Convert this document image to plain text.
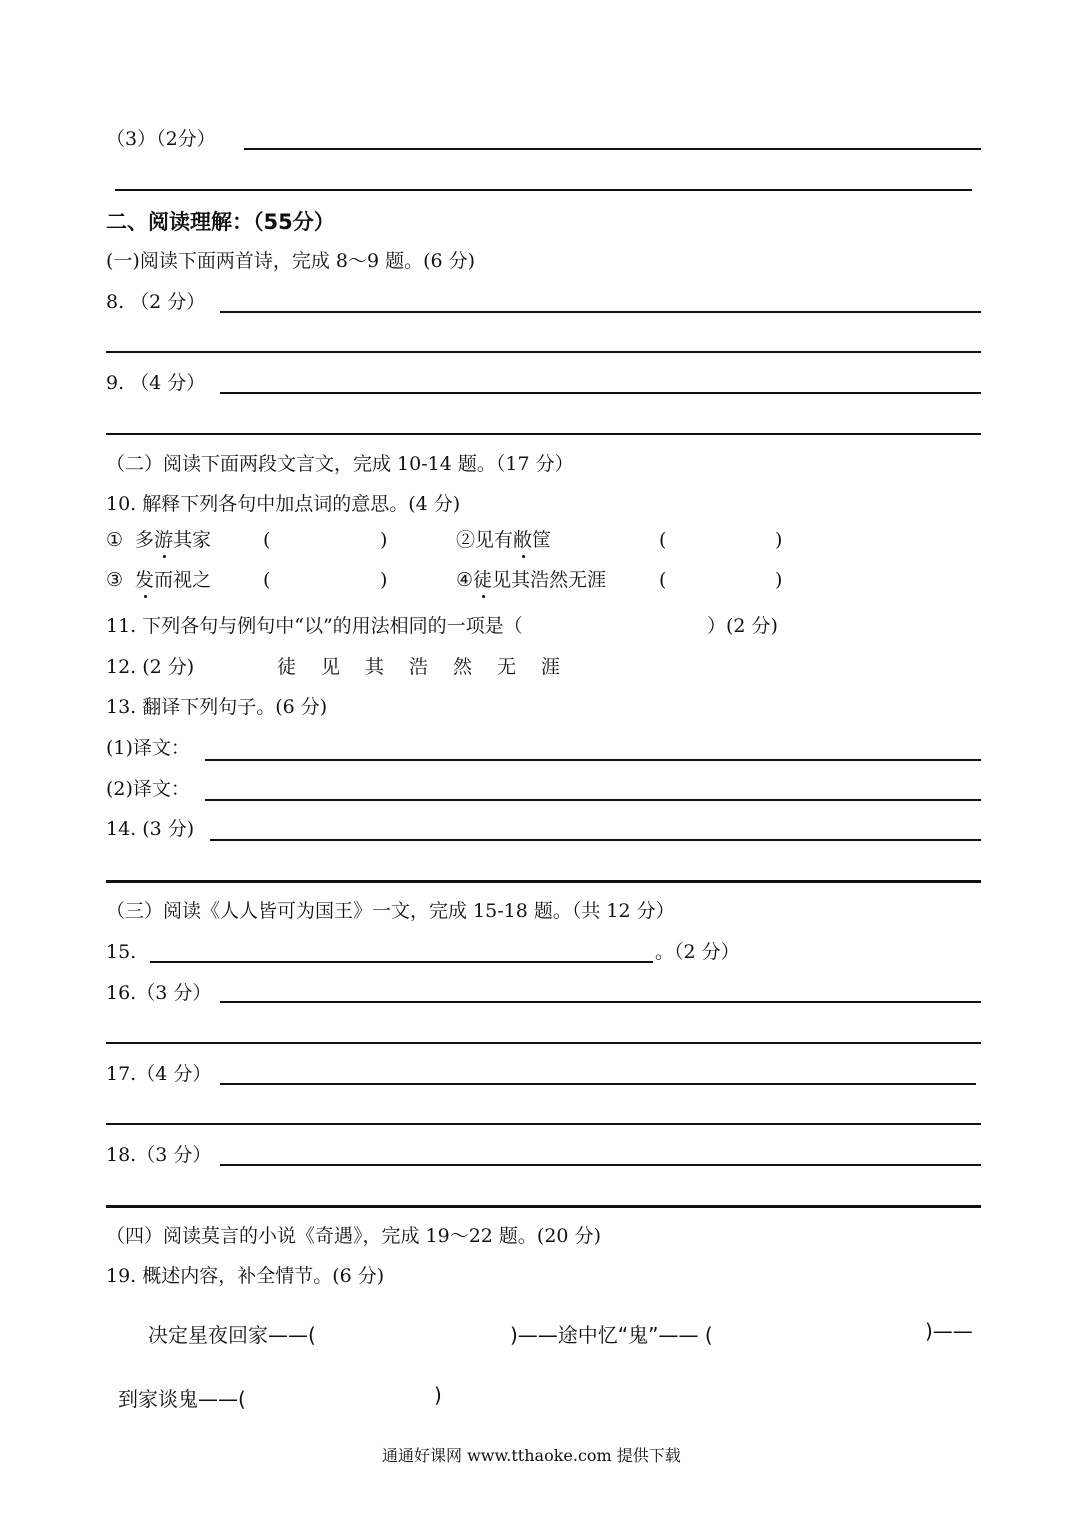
（3）（2分）
二、阅读理解：（55分）
(一)阅读下面两首诗，完成 8～9 题。(6 分)
8. （2 分）
9. （4 分）
（二）阅读下面两段文言文，完成 10-14 题。（17 分）
10. 解释下列各句中加点词的意思。(4 分)
① 多游其家	(	)	②见有敝筐	(	)
③ 发而视之	(	)	④徒见其浩然无涯	(	)
11. 下列各句与例句中“以”的用法相同的一项是（	）(2 分)
12. (2 分)	徒 见 其 浩 然 无 涯
13. 翻译下列句子。(6 分)
(1)译文：
(2)译文：
14. (3 分)
（三）阅读《人人皆可为国王》一文，完成 15-18 题。（共 12 分）
15.	。（2 分）
16.（3 分）
17.（4 分）
18.（3 分）
（四）阅读莫言的小说《奇遇》，完成 19～22 题。(20 分)
19. 概述内容，补全情节。(6 分)
决定星夜回家——(	)——途中忆“鬼”—— (	)——
到家谈鬼——(	)
通通好课网 www.tthaoke.com 提供下载
